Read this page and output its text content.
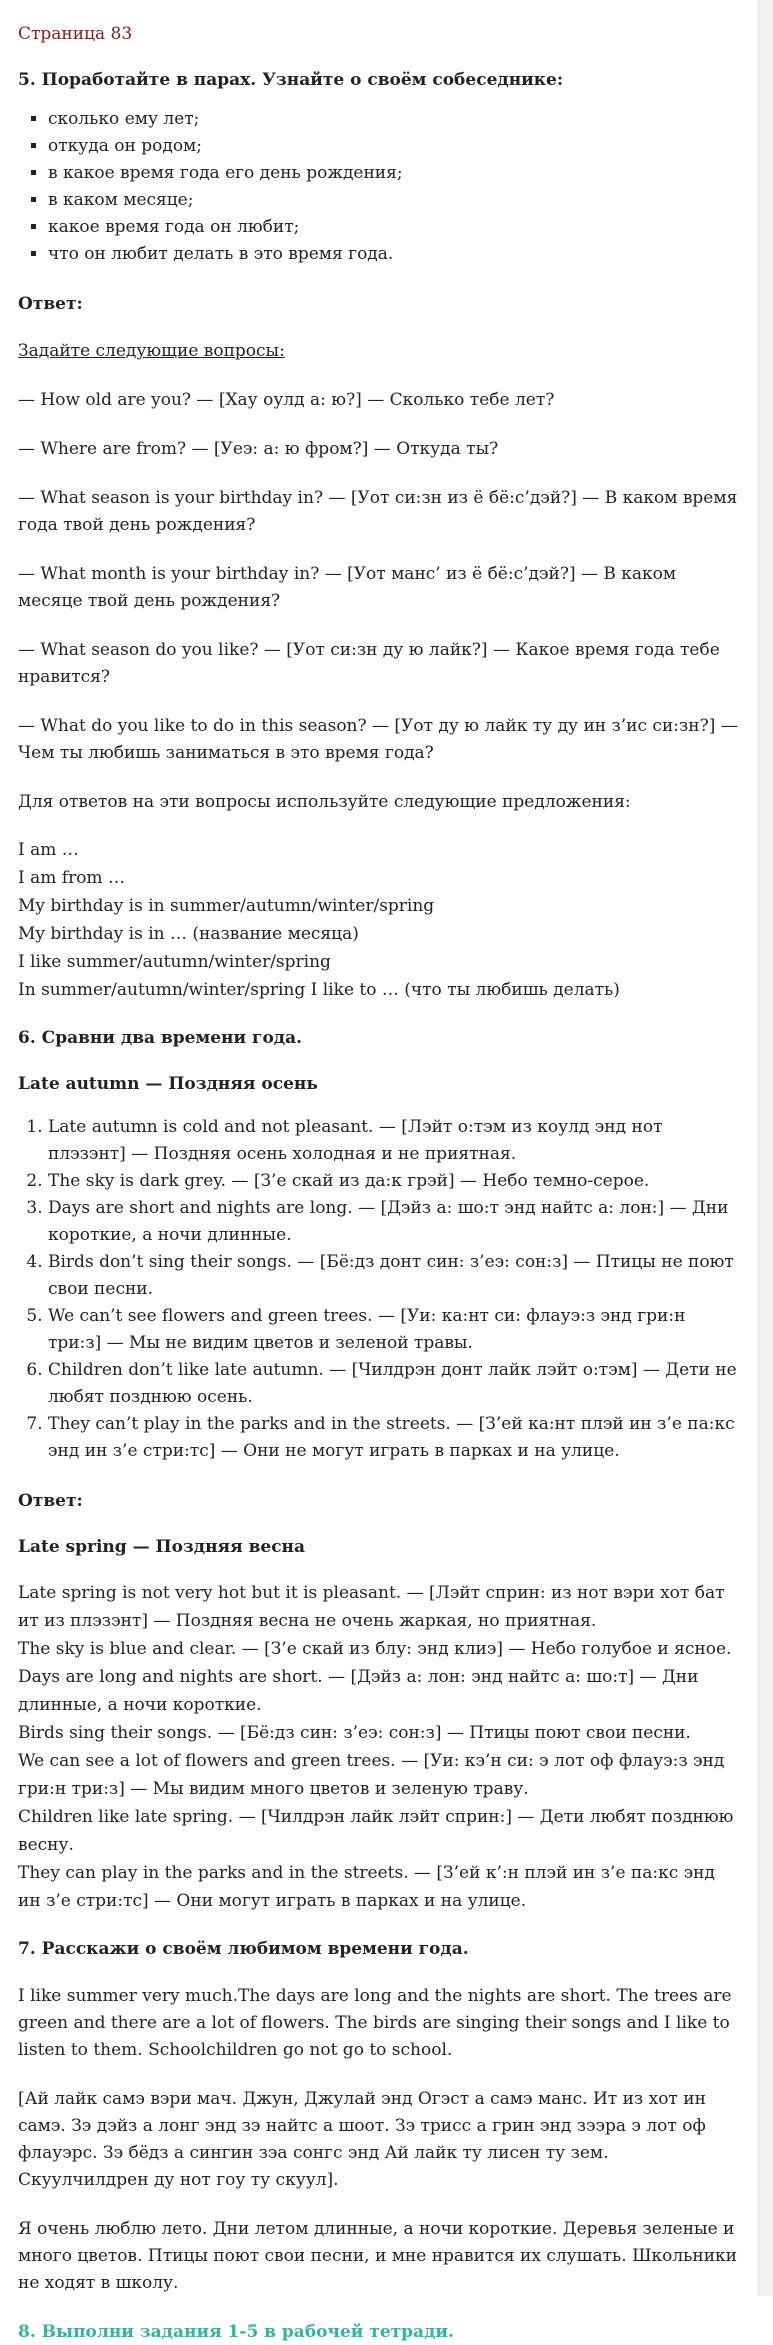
Страница 83
5. Поработайте в парах. Узнайте о своём собеседнике:
▪ сколько ему лет;
▪ откуда он родом;
▪ в какое время года его день рождения;
▪ в каком месяце;
▪ какое время года он любит;
▪ что он любит делать в это время года.
Ответ:

Задайте следующие вопросы:

— How old are you? — [Хау оулд а: ю?] — Сколько тебе лет?

— Where are from? — [Уеэ: а: ю фром?] — Откуда ты?

— What season is your birthday in? — [Уот си:зн из ё бё:с’дэй?] — В каком время года твой день рождения?

— What month is your birthday in? — [Уот манс’ из ё бё:с’дэй?] — В каком месяце твой день рождения?

— What season do you like? — [Уот си:зн ду ю лайк?] — Какое время года тебе нравится?

— What do you like to do in this season? — [Уот ду ю лайк ту ду ин з’ис си:зн?] — Чем ты любишь заниматься в это время года?

Для ответов на эти вопросы используйте следующие предложения:

I am …
I am from …
My birthday is in summer/autumn/winter/spring
My birthday is in … (название месяца)
I like summer/autumn/winter/spring
In summer/autumn/winter/spring I like to … (что ты любишь делать)
6. Сравни два времени года.
Late autumn — Поздняя осень
1. Late autumn is cold and not pleasant. — [Лэйт о:тэм из коулд энд нот плэзэнт] — Поздняя осень холодная и не приятная.
2. The sky is dark grey. — [З’е скай из да:к грэй] — Небо темно-серое.
3. Days are short and nights are long. — [Дэйз а: шо:т энд найтс а: лон:] — Дни короткие, а ночи длинные.
4. Birds don’t sing their songs. — [Бё:дз донт син: з’еэ: сон:з] — Птицы не поют свои песни.
5. We can’t see flowers and green trees. — [Уи: ка:нт си: флауэ:з энд гри:н три:з] — Мы не видим цветов и зеленой травы.
6. Children don’t like late autumn. — [Чилдрэн донт лайк лэйт о:тэм] — Дети не любят позднюю осень.
7. They can’t play in the parks and in the streets. — [З’ей ка:нт плэй ин з’е па:кс энд ин з’е стри:тс] — Они не могут играть в парках и на улице.
Ответ:
Late spring — Поздняя весна
Late spring is not very hot but it is pleasant. — [Лэйт сприн: из нот вэри хот бат ит из плэзэнт] — Поздняя весна не очень жаркая, но приятная.
The sky is blue and clear. — [З’е скай из блу: энд клиэ] — Небо голубое и ясное.
Days are long and nights are short. — [Дэйз а: лон: энд найтс а: шо:т] — Дни длинные, а ночи короткие.
Birds sing their songs. — [Бё:дз син: з’еэ: сон:з] — Птицы поют свои песни.
We can see a lot of flowers and green trees. — [Уи: кэ’н си: э лот оф флауэ:з энд гри:н три:з] — Мы видим много цветов и зеленую траву.
Children like late spring. — [Чилдрэн лайк лэйт сприн:] — Дети любят позднюю весну.
They can play in the parks and in the streets. — [З’ей к’:н плэй ин з’е па:кс энд ин з’е стри:тс] — Они могут играть в парках и на улице.
7. Расскажи о своём любимом времени года.

I like summer very much.The days are long and the nights are short. The trees are green and there are a lot of flowers. The birds are singing their songs and I like to listen to them. Schoolchildren go not go to school.

[Ай лайк самэ вэри мач. Джун, Джулай энд Огэст а самэ манс. Ит из хот ин самэ. Зэ дэйз а лонг энд зэ найтс а шоот. Зэ трисс а грин энд зээра э лот оф флауэрс. Зэ бёдз а сингин зэа сонгс энд Ай лайк ту лисен ту зем. Скуулчилдрен ду нот гоу ту скуул].

Я очень люблю лето. Дни летом длинные, а ночи короткие. Деревья зеленые и много цветов. Птицы поют свои песни, и мне нравится их слушать. Школьники не ходят в школу.

8. Выполни задания 1-5 в рабочей тетради.
